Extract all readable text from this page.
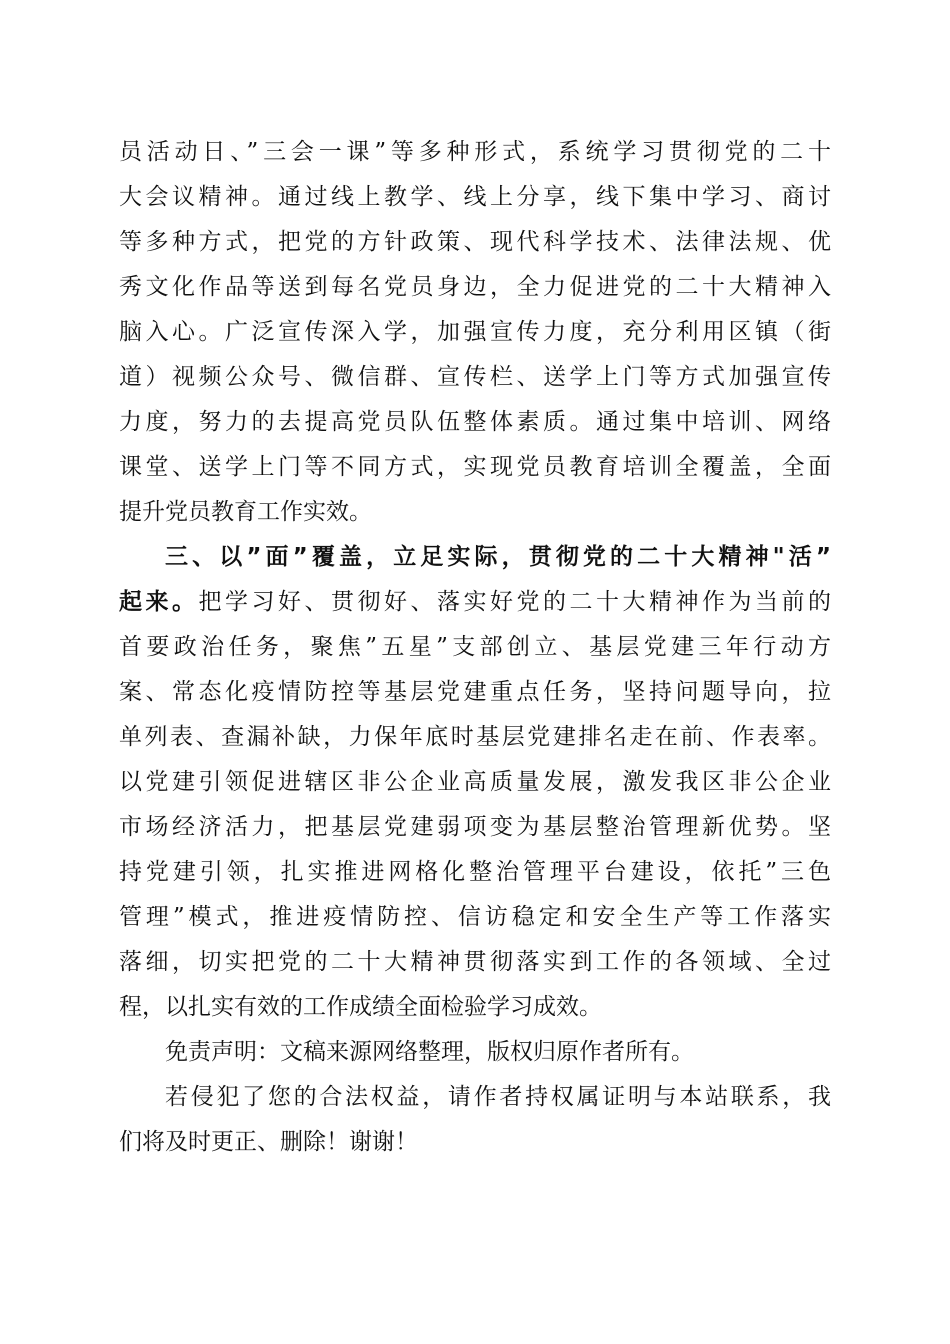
员活动日、”三会一课”等多种形式，系统学习贯彻党的二十
大会议精神。通过线上教学、线上分享，线下集中学习、商讨
等多种方式，把党的方针政策、现代科学技术、法律法规、优
秀文化作品等送到每名党员身边，全力促进党的二十大精神入
脑入心。广泛宣传深入学，加强宣传力度，充分利用区镇（街
道）视频公众号、微信群、宣传栏、送学上门等方式加强宣传
力度，努力的去提高党员队伍整体素质。通过集中培训、网络
课堂、送学上门等不同方式，实现党员教育培训全覆盖，全面
提升党员教育工作实效。
三、以”面”覆盖，立足实际，贯彻党的二十大精神"活”
起来。把学习好、贯彻好、落实好党的二十大精神作为当前的
首要政治任务，聚焦”五星”支部创立、基层党建三年行动方
案、常态化疫情防控等基层党建重点任务，坚持问题导向，拉
单列表、查漏补缺，力保年底时基层党建排名走在前、作表率。
以党建引领促进辖区非公企业高质量发展，激发我区非公企业
市场经济活力，把基层党建弱项变为基层整治管理新优势。坚
持党建引领，扎实推进网格化整治管理平台建设，依托”三色
管理”模式，推进疫情防控、信访稳定和安全生产等工作落实
落细，切实把党的二十大精神贯彻落实到工作的各领域、全过
程，以扎实有效的工作成绩全面检验学习成效。
免责声明：文稿来源网络整理，版权归原作者所有。
若侵犯了您的合法权益，请作者持权属证明与本站联系，我
们将及时更正、删除！谢谢！
